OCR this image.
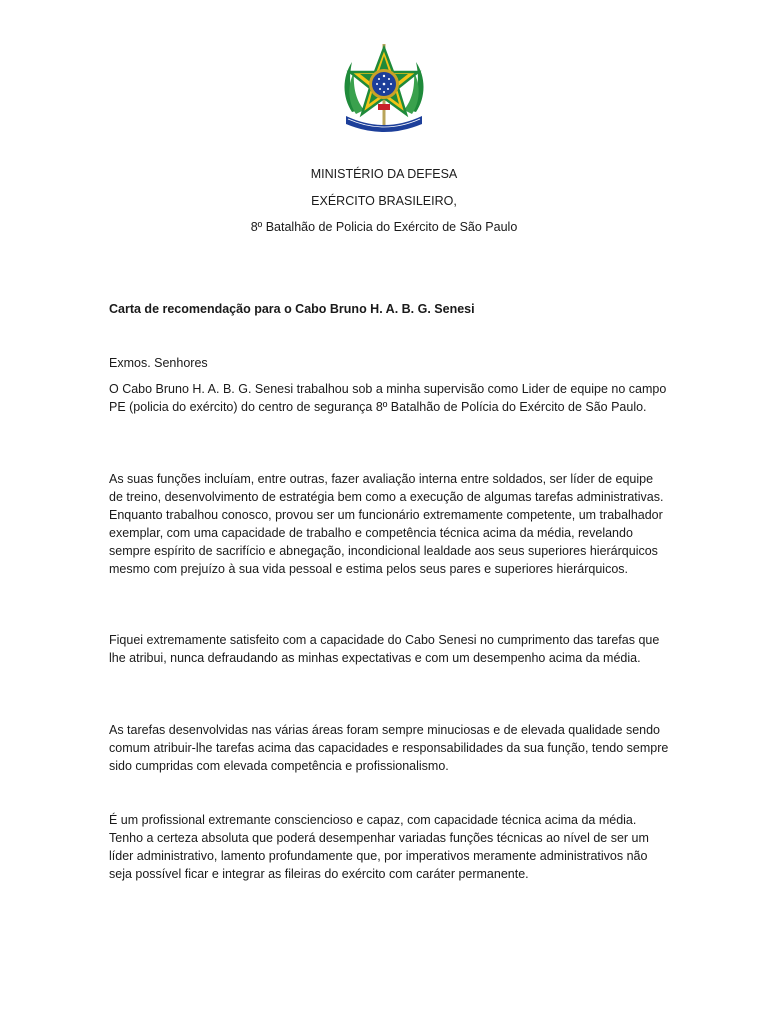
MINISTÉRIO DA DEFESA
EXÉRCITO BRASILEIRO,
8º Batalhão de Policia do Exército de São Paulo
Carta de recomendação para o Cabo Bruno H. A. B. G. Senesi
Exmos. Senhores

O Cabo Bruno H. A. B. G. Senesi trabalhou sob a minha supervisão como Lider de equipe no campo PE (policia do exército) do centro de segurança 8º Batalhão de Polícia do Exército de São Paulo.

As suas funções incluíam, entre outras, fazer avaliação interna entre soldados, ser líder de equipe de treino, desenvolvimento de estratégia bem como a execução de algumas tarefas administrativas. Enquanto trabalhou conosco, provou ser um funcionário extremamente competente, um trabalhador exemplar, com uma capacidade de trabalho e competência técnica acima da média, revelando sempre espírito de sacrifício e abnegação, incondicional lealdade aos seus superiores hierárquicos mesmo com prejuízo à sua vida pessoal e estima pelos seus pares e superiores hierárquicos.

Fiquei extremamente satisfeito com a capacidade do Cabo Senesi no cumprimento das tarefas que lhe atribui, nunca defraudando as minhas expectativas e com um desempenho acima da média.

As tarefas desenvolvidas nas várias áreas foram sempre minuciosas e de elevada qualidade sendo comum atribuir-lhe tarefas acima das capacidades e responsabilidades da sua função, tendo sempre sido cumpridas com elevada competência e profissionalismo.

É um profissional extremante consciencioso e capaz, com capacidade técnica acima da média. Tenho a certeza absoluta que poderá desempenhar variadas funções técnicas ao nível de ser um líder administrativo, lamento profundamente que, por imperativos meramente administrativos não seja possível ficar e integrar as fileiras do exército com caráter permanente.
